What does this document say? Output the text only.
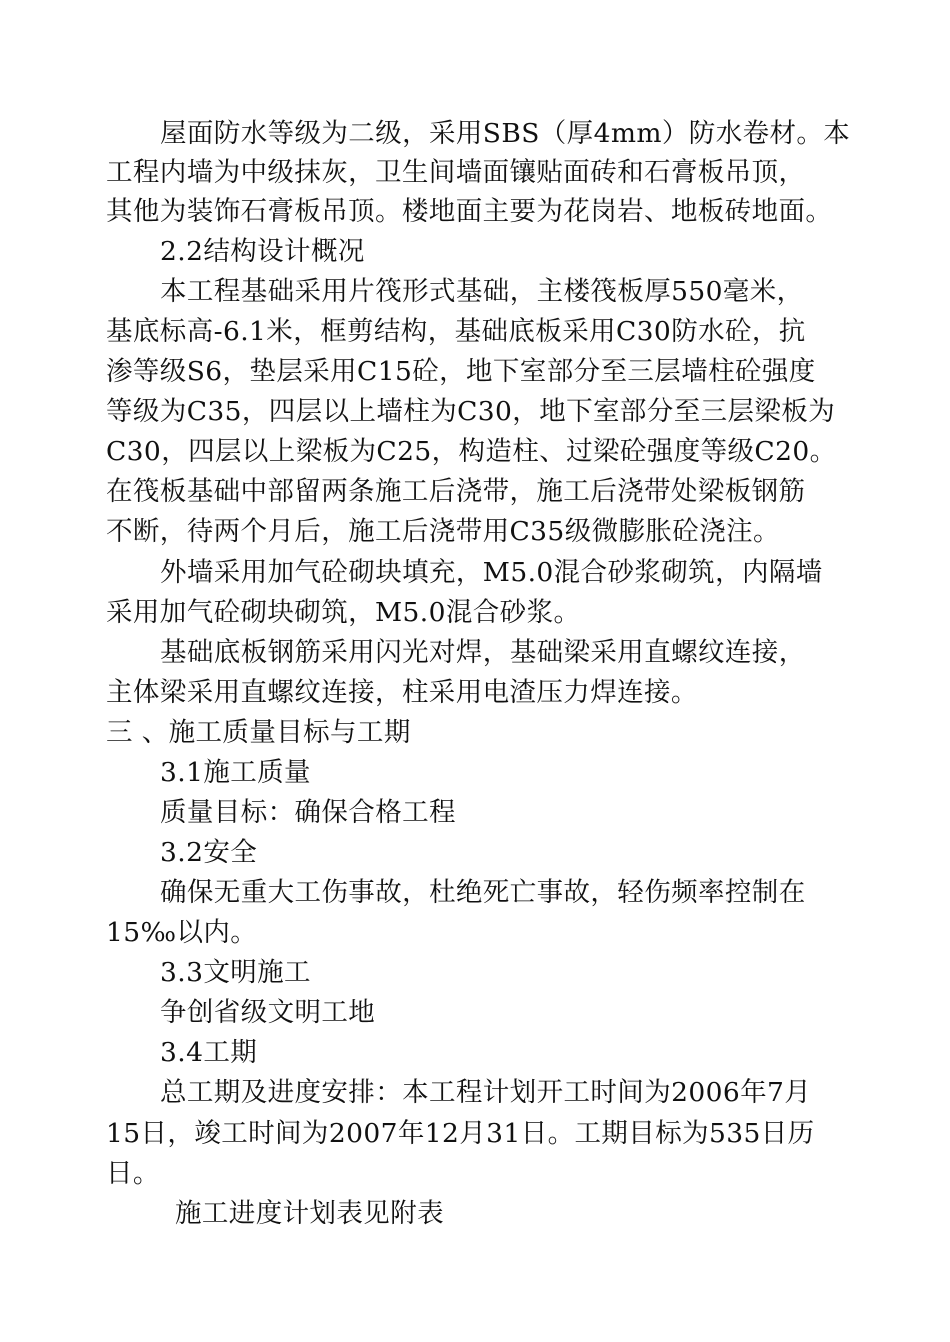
屋面防水等级为二级，采用SBS（厚4mm）防水卷材。本
工程内墙为中级抹灰，卫生间墙面镶贴面砖和石膏板吊顶，
其他为装饰石膏板吊顶。楼地面主要为花岗岩、地板砖地面。
2.2结构设计概况
本工程基础采用片筏形式基础，主楼筏板厚550毫米，
基底标高-6.1米，框剪结构，基础底板采用C30防水砼，抗
渗等级S6，垫层采用C15砼，地下室部分至三层墙柱砼强度
等级为C35，四层以上墙柱为C30，地下室部分至三层梁板为
C30，四层以上梁板为C25，构造柱、过梁砼强度等级C20。
在筏板基础中部留两条施工后浇带，施工后浇带处梁板钢筋
不断，待两个月后，施工后浇带用C35级微膨胀砼浇注。
外墙采用加气砼砌块填充，M5.0混合砂浆砌筑，内隔墙
采用加气砼砌块砌筑，M5.0混合砂浆。
基础底板钢筋采用闪光对焊，基础梁采用直螺纹连接，
主体梁采用直螺纹连接，柱采用电渣压力焊连接。
三 、施工质量目标与工期
3.1施工质量
质量目标：确保合格工程
3.2安全
确保无重大工伤事故，杜绝死亡事故，轻伤频率控制在
15‰以内。
3.3文明施工
争创省级文明工地
3.4工期
总工期及进度安排：本工程计划开工时间为2006年7月
15日，竣工时间为2007年12月31日。工期目标为535日历
日。
施工进度计划表见附表
